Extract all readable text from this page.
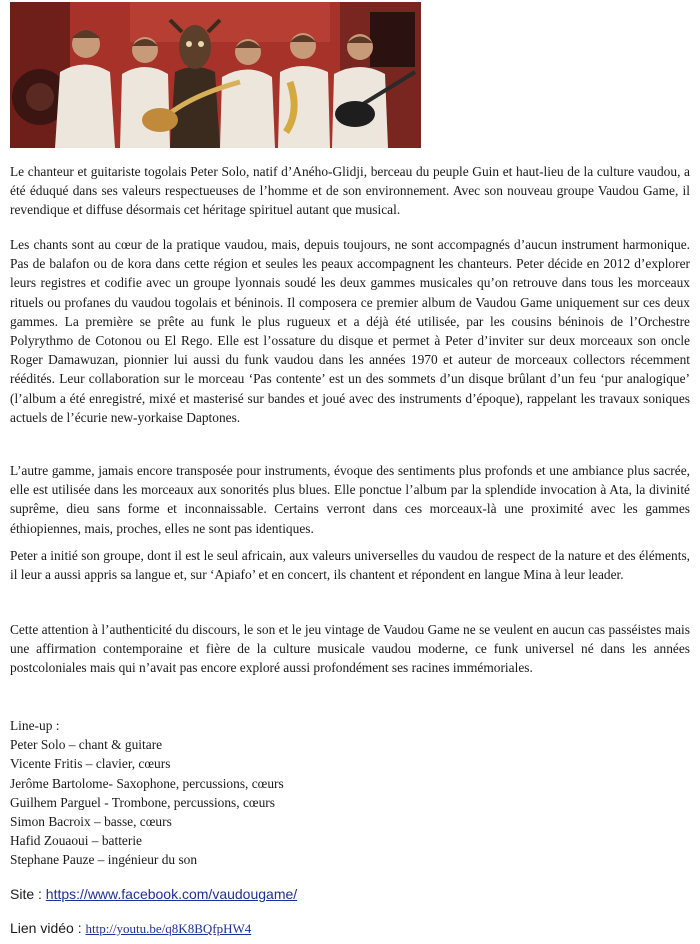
Le chanteur et guitariste togolais Peter Solo, natif d’Aného-Glidji, berceau du peuple Guin et haut-lieu de la culture vaudou, a été éduqué dans ses valeurs respectueuses de l’homme et de son environnement. Avec son nouveau groupe Vaudou Game, il revendique et diffuse désormais cet héritage spirituel autant que musical.

Les chants sont au cœur de la pratique vaudou, mais, depuis toujours, ne sont accompagnés d’aucun instrument harmonique. Pas de balafon ou de kora dans cette région et seules les peaux accompagnent les chanteurs. Peter décide en 2012 d’explorer leurs registres et codifie avec un groupe lyonnais soudé les deux gammes musicales qu’on retrouve dans tous les morceaux rituels ou profanes du vaudou togolais et béninois. Il composera ce premier album de Vaudou Game uniquement sur ces deux gammes. La première se prête au funk le plus rugueux et a déjà été utilisée, par les cousins béninois de l’Orchestre Polyrythmo de Cotonou ou El Rego. Elle est l’ossature du disque et permet à Peter d’inviter sur deux morceaux son oncle Roger Damawuzan, pionnier lui aussi du funk vaudou dans les années 1970 et auteur de morceaux collectors récemment réédités. Leur collaboration sur le morceau ‘Pas contente’ est un des sommets d’un disque brûlant d’un feu ‘pur analogique’ (l’album a été enregistré, mixé et masterisé sur bandes et joué avec des instruments d’époque), rappelant les travaux soniques actuels de l’écurie new-yorkaise Daptones.

L’autre gamme, jamais encore transposée pour instruments, évoque des sentiments plus profonds et une ambiance plus sacrée, elle est utilisée dans les morceaux aux sonorités plus blues. Elle ponctue l’album par la splendide invocation à Ata, la divinité suprême, dieu sans forme et inconnaissable. Certains verront dans ces morceaux-là une proximité avec les gammes éthiopiennes, mais, proches, elles ne sont pas identiques.

Peter a initié son groupe, dont il est le seul africain, aux valeurs universelles du vaudou de respect de la nature et des éléments, il leur a aussi appris sa langue et, sur ‘Apiafo’ et en concert, ils chantent et répondent en langue Mina à leur leader.

Cette attention à l’authenticité du discours, le son et le jeu vintage de Vaudou Game ne se veulent en aucun cas passéistes mais une affirmation contemporaine et fière de la culture musicale vaudou moderne, ce funk universel né dans les années postcoloniales mais qui n’avait pas encore exploré aussi profondément ses racines immémoriales.

Line-up :
Peter Solo – chant & guitare
Vicente Fritis – clavier, cœurs
Jerôme Bartolome- Saxophone, percussions, cœurs
Guilhem Parguel - Trombone, percussions, cœurs
Simon Bacroix – basse, cœurs
Hafid Zouaoui – batterie
Stephane Pauze – ingénieur du son
Site : https://www.facebook.com/vaudougame/
Lien vidéo : http://youtu.be/q8K8BQfpHW4
